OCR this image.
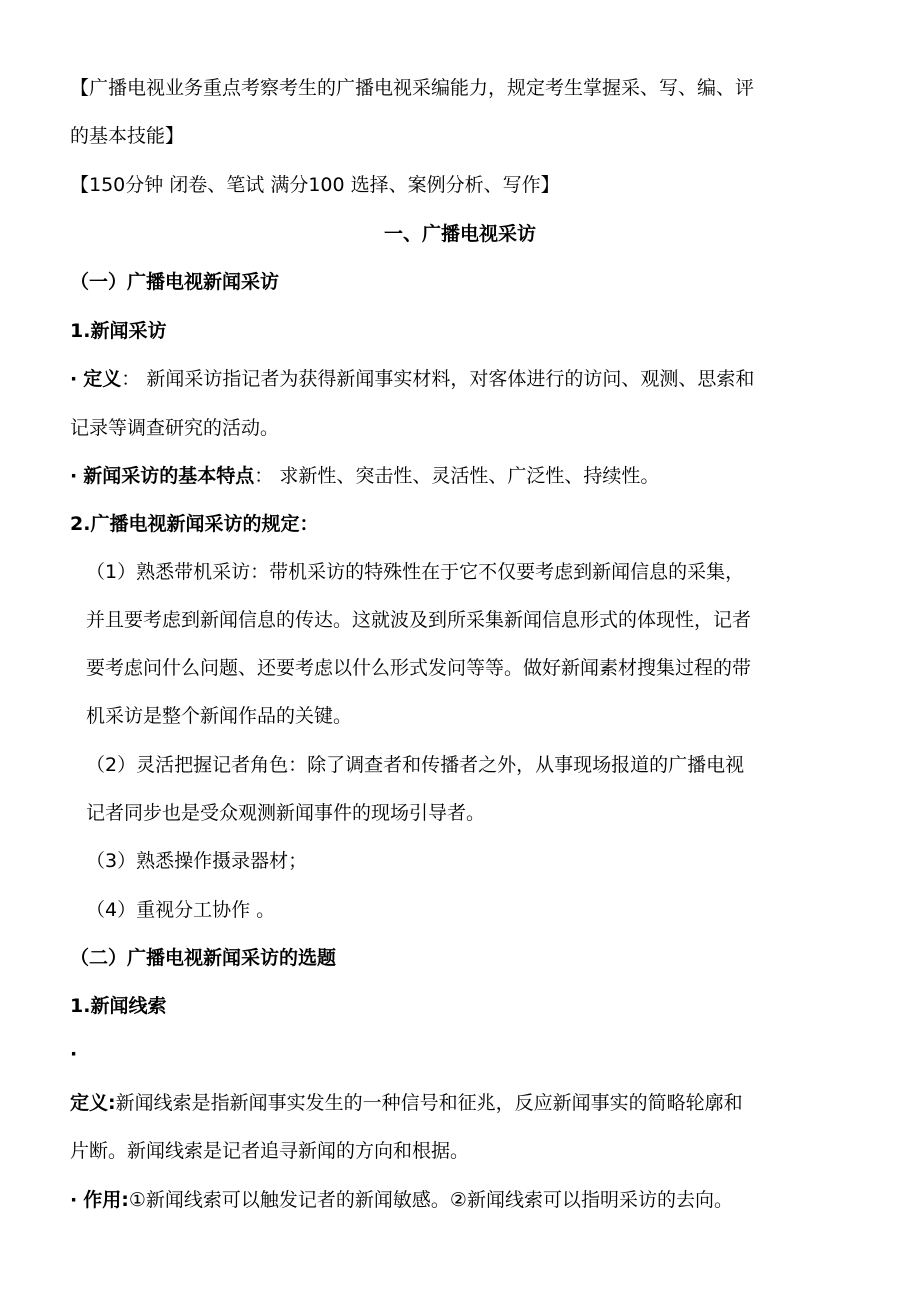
【广播电视业务重点考察考生的广播电视采编能力，规定考生掌握采、写、编、评
的基本技能】
【150分钟 闭卷、笔试 满分100 选择、案例分析、写作】
一、广播电视采访
（一）广播电视新闻采访
1.新闻采访
· 定义： 新闻采访指记者为获得新闻事实材料，对客体进行的访问、观测、思索和
记录等调查研究的活动。
· 新闻采访的基本特点： 求新性、突击性、灵活性、广泛性、持续性。
2.广播电视新闻采访的规定：
（1）熟悉带机采访：带机采访的特殊性在于它不仅要考虑到新闻信息的采集，
并且要考虑到新闻信息的传达。这就波及到所采集新闻信息形式的体现性，记者
要考虑问什么问题、还要考虑以什么形式发问等等。做好新闻素材搜集过程的带
机采访是整个新闻作品的关键。
（2）灵活把握记者角色：除了调查者和传播者之外，从事现场报道的广播电视
记者同步也是受众观测新闻事件的现场引导者。
（3）熟悉操作摄录器材；
（4）重视分工协作 。
（二）广播电视新闻采访的选题
1.新闻线索
·
定义:新闻线索是指新闻事实发生的一种信号和征兆，反应新闻事实的简略轮廓和
片断。新闻线索是记者追寻新闻的方向和根据。
· 作用:①新闻线索可以触发记者的新闻敏感。②新闻线索可以指明采访的去向。
